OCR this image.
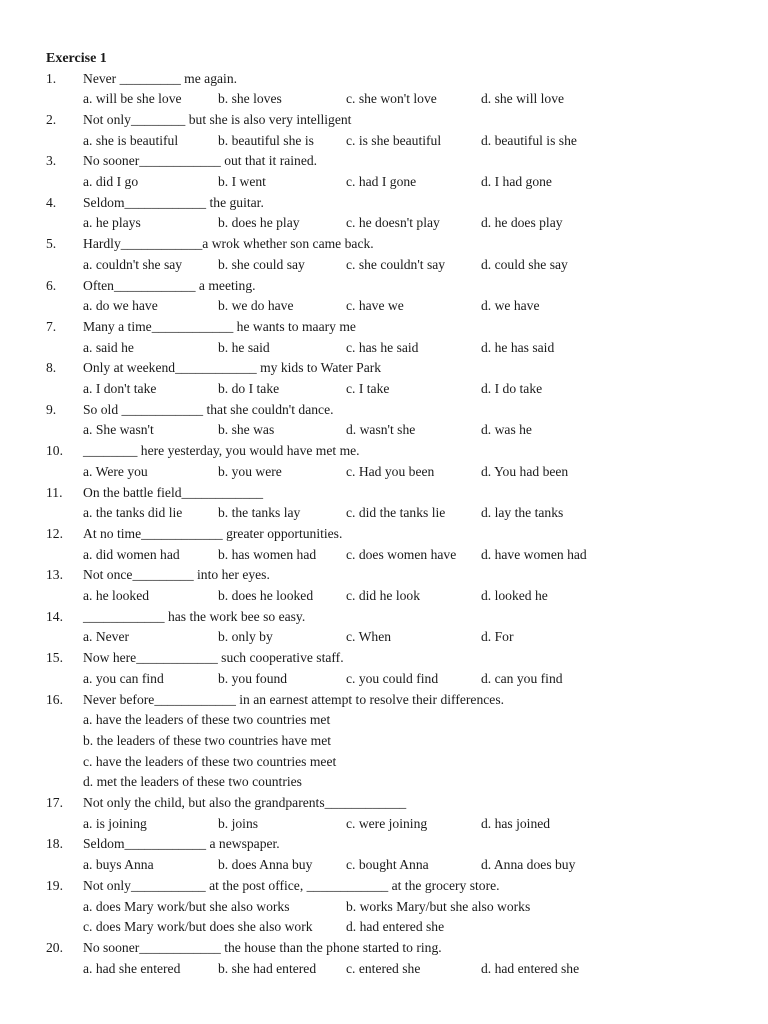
Exercise 1
1. Never _________ me again.
a. will be she love	b. she loves	c. she won't love	d. she will love
2. Not only________ but she is also very intelligent
a. she is beautiful	b. beautiful she is c. is she beautiful	d. beautiful is she
3. No sooner____________ out that it rained.
a. did I go	b. I went	c. had I gone	d. I had gone
4. Seldom____________ the guitar.
a. he plays	b. does he play	c. he doesn't play	d. he does play
5. Hardly____________a wrok whether son came back.
a. couldn't she say	b. she could say	c. she couldn't say	d. could she say
6. Often____________ a meeting.
a. do we have	b. we do have	c. have we	d. we have
7. Many a time____________ he wants to maary me
a. said he	b. he said	c. has he said	d. he has said
8. Only at weekend____________ my kids to Water Park
a. I don't take	b. do I take	c. I take	d. I do take
9. So old ____________ that she couldn't dance.
a. She wasn't	b. she was	d. wasn't she	d. was he
10. ________ here yesterday, you would have met me.
a. Were you	b. you were	c. Had you been	d. You had been
11. On the battle field____________
a. the tanks did lie	b. the tanks lay	c. did the tanks lie	d. lay the tanks
12. At no time____________ greater opportunities.
a. did women had	b. has women had c. does women have d. have women had
13. Not once_________ into her eyes.
a. he looked	b. does he looked c. did he look	d. looked he
14. ____________ has the work bee so easy.
a. Never	b. only by	c. When	d. For
15. Now here____________ such cooperative staff.
a. you can find	b. you found	c. you could find	d. can you find
16. Never before____________ in an earnest attempt to resolve their differences.
a. have the leaders of these two countries met
b. the leaders of these two countries have met
c. have the leaders of these two countries meet
d. met the leaders of these two countries
17. Not only the child, but also the grandparents____________
a. is joining	b. joins	c. were joining	d. has joined
18. Seldom____________ a newspaper.
a. buys Anna	b. does Anna buy c. bought Anna	d. Anna does buy
19. Not only___________ at the post office, ____________ at the grocery store.
a. does Mary work/but she also works	b. works Mary/but she also works
c. does Mary work/but does she also work d. had entered she
20. No sooner____________ the house than the phone started to ring.
a. had she entered	b. she had entered c. entered she	d. had entered she
